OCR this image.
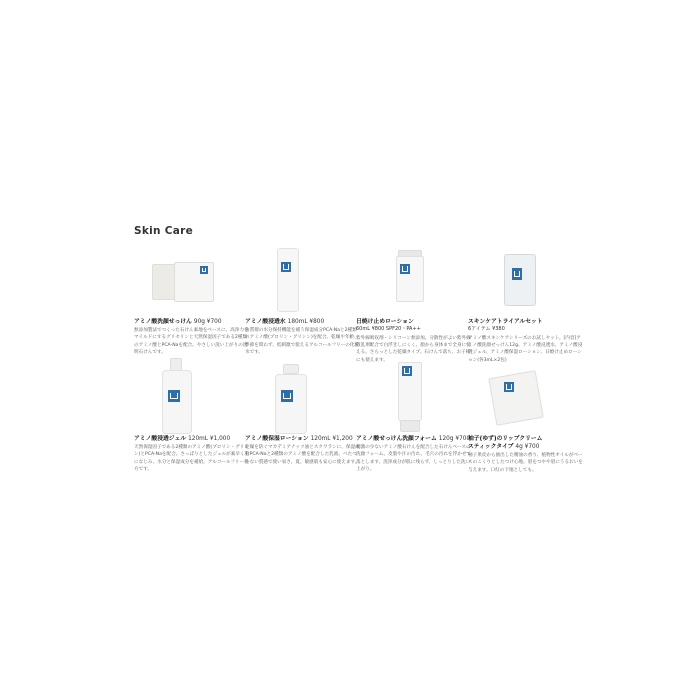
Skin Care
アミノ酸洗顔せっけん 90g ¥700
無添加製法でつくった石けん素地をベースに、高浄力をマイルドにするグリセリンと天然保湿因子である2種類のアミノ酸とPCA-Naを配合。やさしい洗い上がりの透明石けんです。
アミノ酸浸透水 180mL ¥800
角質層の水分保持機能を補う保湿成分PCA-Naと2種類のアミノ酸(プロリン・グリシン)を配合。乾燥や年齢、季節を問わず、低刺激で使えるアルコールフリーの化粧水です。
日焼け止めローション
60mL ¥800 SPF20・PA++
紫外線吸収剤・シリコーン無添加。分散性がよい紫外線散乱剤配合で白浮きしにくく、顔から身体まで全身に使える。さらっとした乾燥タイプ。石けんで落ち、お子様にも使えます。
スキンケアトライアルセット
6アイテム ¥380
アミノ酸スキンケアシリーズのお試しセット。[内容]アミノ酸洗顔せっけん12g、アミノ酸浸透水、アミノ酸浸透ジェル、アミノ酸保湿ローション、日焼け止めローション(各3mL×2包)
アミノ酸浸透ジェル 120mL ¥1,000
天然保湿因子である2種類のアミノ酸(プロリン・グリシン)とPCA-Naを配合。さっぱりとしたジェルが素早く肌になじみ、水分と保湿成分を補給。アルコールフリー処方です。
アミノ酸保湿ローション 120mL ¥1,200
乾燥を防ぐマカデミアナッツ油とスクワランに、保湿成分PCA-Naと2種類のアミノ酸を配合した乳液。べたつかない質感で使い易さ。夏、敏感肌も安心に使えます。
アミノ酸せっけん洗顔フォーム 120g ¥700
刺激の少ないアミノ酸石けんを配合した石けんベースの洗顔フォーム。皮脂や汗の汚れ、毛穴の汚れを浮かせて落とします。洗浄成分が肌に残らず、しっとりした洗い上がり。
柚子(ゆず)のリップクリーム
スティックタイプ 4g ¥700
柚子果皮から抽出した精油の香り、植物性オイルがベースのこくりとしたつけ心地。唇をつやや唇にうるおいを与えます。口紅の下地としても。
